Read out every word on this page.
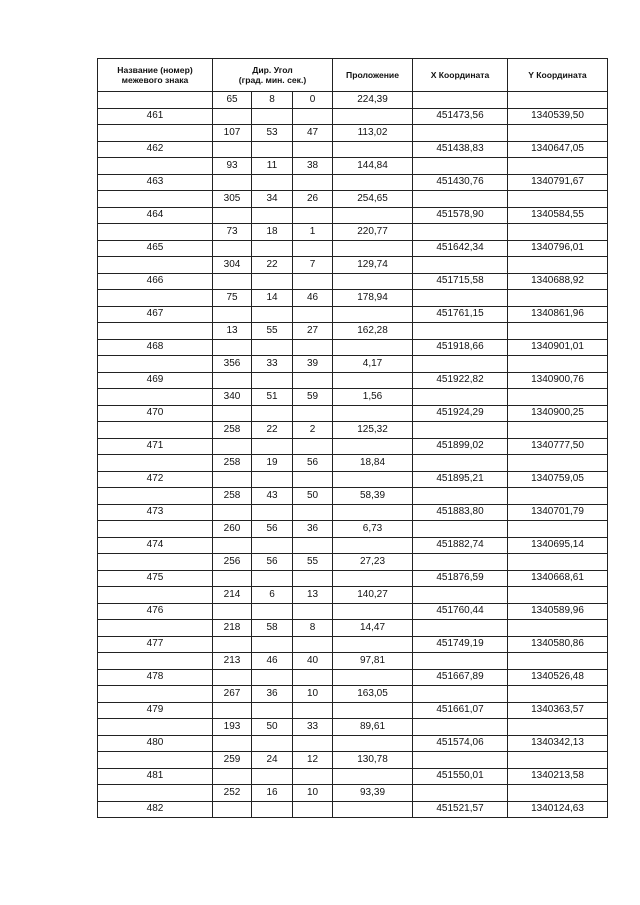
Название (номер)
межевого знака	Дир. Угол
(град. мин. сек.)			Проложение	X Координата	Y Координата
	65	8	0	224,39		
461					451473,56	1340539,50
	107	53	47	113,02		
462					451438,83	1340647,05
	93	11	38	144,84		
463					451430,76	1340791,67
	305	34	26	254,65		
464					451578,90	1340584,55
	73	18	1	220,77		
465					451642,34	1340796,01
	304	22	7	129,74		
466					451715,58	1340688,92
	75	14	46	178,94		
467					451761,15	1340861,96
	13	55	27	162,28		
468					451918,66	1340901,01
	356	33	39	4,17		
469					451922,82	1340900,76
	340	51	59	1,56		
470					451924,29	1340900,25
	258	22	2	125,32		
471					451899,02	1340777,50
	258	19	56	18,84		
472					451895,21	1340759,05
	258	43	50	58,39		
473					451883,80	1340701,79
	260	56	36	6,73		
474					451882,74	1340695,14
	256	56	55	27,23		
475					451876,59	1340668,61
	214	6	13	140,27		
476					451760,44	1340589,96
	218	58	8	14,47		
477					451749,19	1340580,86
	213	46	40	97,81		
478					451667,89	1340526,48
	267	36	10	163,05		
479					451661,07	1340363,57
	193	50	33	89,61		
480					451574,06	1340342,13
	259	24	12	130,78		
481					451550,01	1340213,58
	252	16	10	93,39		
482					451521,57	1340124,63
